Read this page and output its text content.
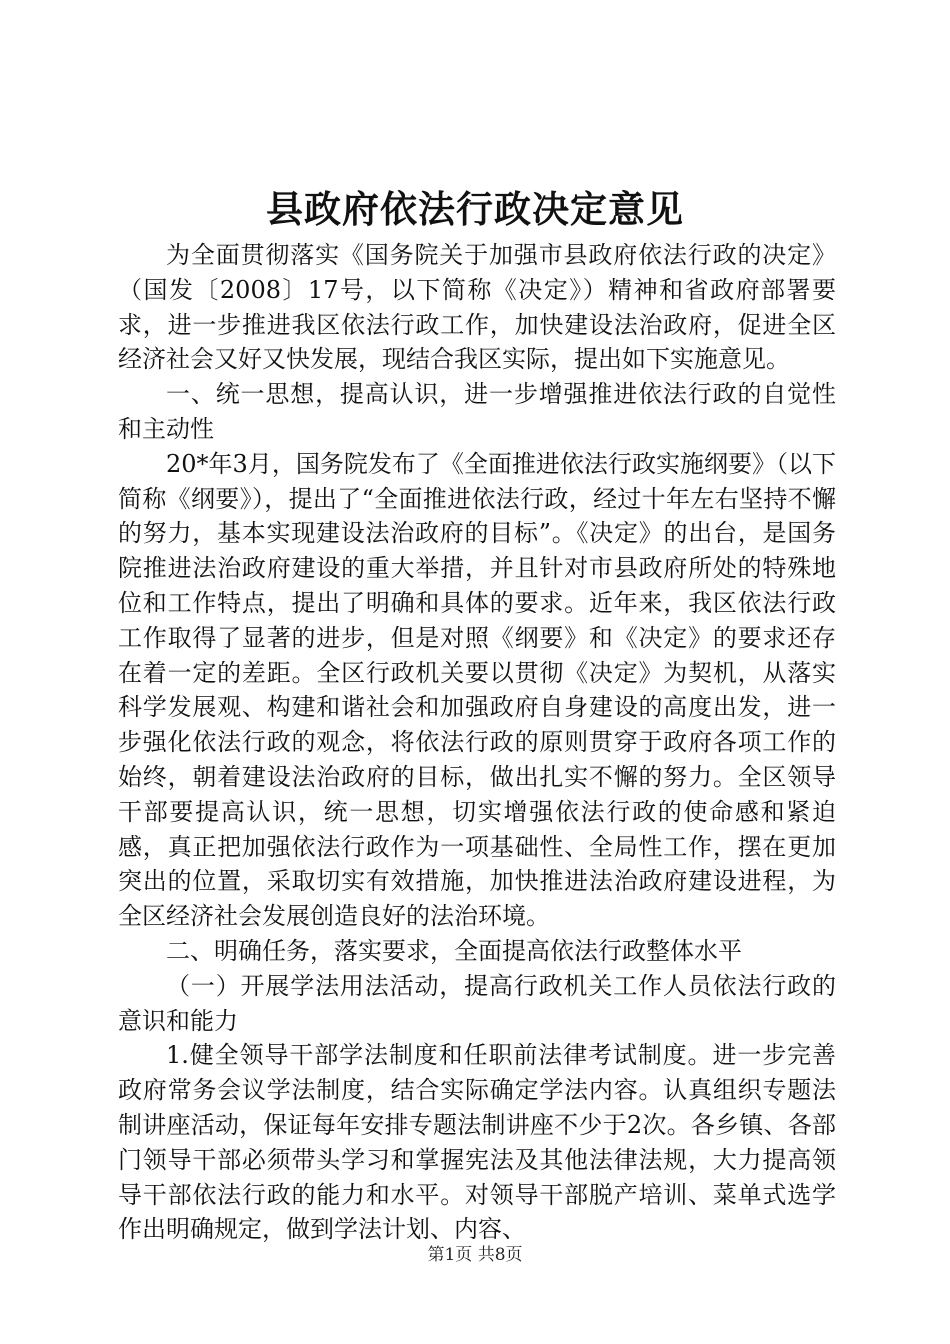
县政府依法行政决定意见

为全面贯彻落实《国务院关于加强市县政府依法行政的决定》（国发〔2008〕17号，以下简称《决定》）精神和省政府部署要求，进一步推进我区依法行政工作，加快建设法治政府，促进全区经济社会又好又快发展，现结合我区实际，提出如下实施意见。

一、统一思想，提高认识，进一步增强推进依法行政的自觉性和主动性

20*年3月，国务院发布了《全面推进依法行政实施纲要》（以下简称《纲要》），提出了“全面推进依法行政，经过十年左右坚持不懈的努力，基本实现建设法治政府的目标”。《决定》的出台，是国务院推进法治政府建设的重大举措，并且针对市县政府所处的特殊地位和工作特点，提出了明确和具体的要求。近年来，我区依法行政工作取得了显著的进步，但是对照《纲要》和《决定》的要求还存在着一定的差距。全区行政机关要以贯彻《决定》为契机，从落实科学发展观、构建和谐社会和加强政府自身建设的高度出发，进一步强化依法行政的观念，将依法行政的原则贯穿于政府各项工作的始终，朝着建设法治政府的目标，做出扎实不懈的努力。全区领导干部要提高认识，统一思想，切实增强依法行政的使命感和紧迫感，真正把加强依法行政作为一项基础性、全局性工作，摆在更加突出的位置，采取切实有效措施，加快推进法治政府建设进程，为全区经济社会发展创造良好的法治环境。

二、明确任务，落实要求，全面提高依法行政整体水平

（一）开展学法用法活动，提高行政机关工作人员依法行政的意识和能力

1.健全领导干部学法制度和任职前法律考试制度。进一步完善政府常务会议学法制度，结合实际确定学法内容。认真组织专题法制讲座活动，保证每年安排专题法制讲座不少于2次。各乡镇、各部门领导干部必须带头学习和掌握宪法及其他法律法规，大力提高领导干部依法行政的能力和水平。对领导干部脱产培训、菜单式选学作出明确规定，做到学法计划、内容、

第1页 共8页
